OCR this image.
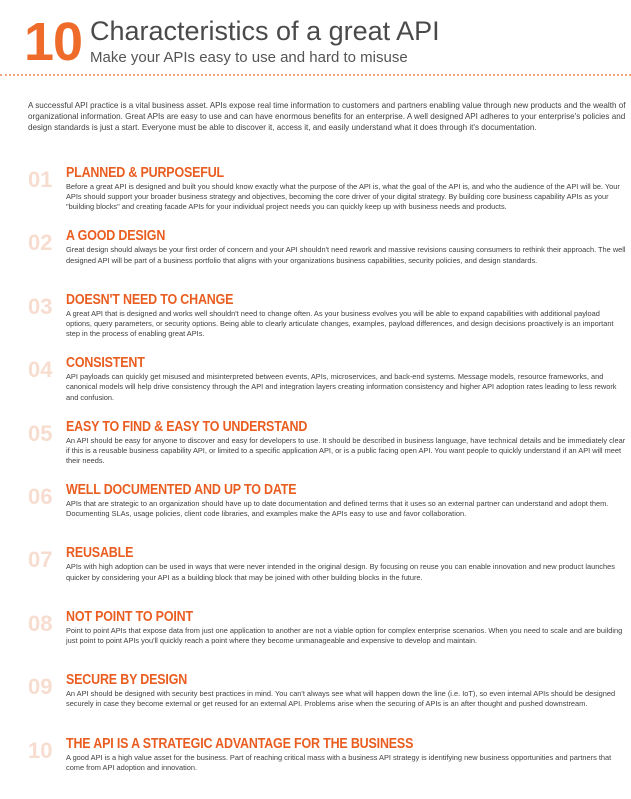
10 Characteristics of a great API
Make your APIs easy to use and hard to misuse
A successful API practice is a vital business asset. APIs expose real time information to customers and partners enabling value through new products and the wealth of organizational information. Great APIs are easy to use and can have enormous benefits for an enterprise. A well designed API adheres to your enterprise's policies and design standards is just a start. Everyone must be able to discover it, access it, and easily understand what it does through it's documentation.
01 PLANNED & PURPOSEFUL
Before a great API is designed and built you should know exactly what the purpose of the API is, what the goal of the API is, and who the audience of the API will be. Your APIs should support your broader business strategy and objectives, becoming the core driver of your digital strategy. By building core business capability APIs as your "building blocks" and creating facade APIs for your individual project needs you can quickly keep up with business needs and products.
02 A GOOD DESIGN
Great design should always be your first order of concern and your API shouldn't need rework and massive revisions causing consumers to rethink their approach. The well designed API will be part of a business portfolio that aligns with your organizations business capabilities, security policies, and design standards.
03 DOESN'T NEED TO CHANGE
A great API that is designed and works well shouldn't need to change often. As your business evolves you will be able to expand capabilities with additional payload options, query parameters, or security options. Being able to clearly articulate changes, examples, payload differences, and design decisions proactively is an important step in the process of enabling great APIs.
04 CONSISTENT
API payloads can quickly get misused and misinterpreted between events, APIs, microservices, and back-end systems. Message models, resource frameworks, and canonical models will help drive consistency through the API and integration layers creating information consistency and higher API adoption rates leading to less rework and confusion.
05 EASY TO FIND & EASY TO UNDERSTAND
An API should be easy for anyone to discover and easy for developers to use. It should be described in business language, have technical details and be immediately clear if this is a reusable business capability API, or limited to a specific application API, or is a public facing open API. You want people to quickly understand if an API will meet their needs.
06 WELL DOCUMENTED AND UP TO DATE
APIs that are strategic to an organization should have up to date documentation and defined terms that it uses so an external partner can understand and adopt them. Documenting SLAs, usage policies, client code libraries, and examples make the APIs easy to use and favor collaboration.
07 REUSABLE
APIs with high adoption can be used in ways that were never intended in the original design. By focusing on reuse you can enable innovation and new product launches quicker by considering your API as a building block that may be joined with other building blocks in the future.
08 NOT POINT TO POINT
Point to point APIs that expose data from just one application to another are not a viable option for complex enterprise scenarios. When you need to scale and are building just point to point APIs you'll quickly reach a point where they become unmanageable and expensive to develop and maintain.
09 SECURE BY DESIGN
An API should be designed with security best practices in mind. You can't always see what will happen down the line (i.e. IoT), so even internal APIs should be designed securely in case they become external or get reused for an external API. Problems arise when the securing of APIs is an after thought and pushed downstream.
10 THE API IS A STRATEGIC ADVANTAGE FOR THE BUSINESS
A good API is a high value asset for the business. Part of reaching critical mass with a business API strategy is identifying new business opportunities and partners that come from API adoption and innovation.
